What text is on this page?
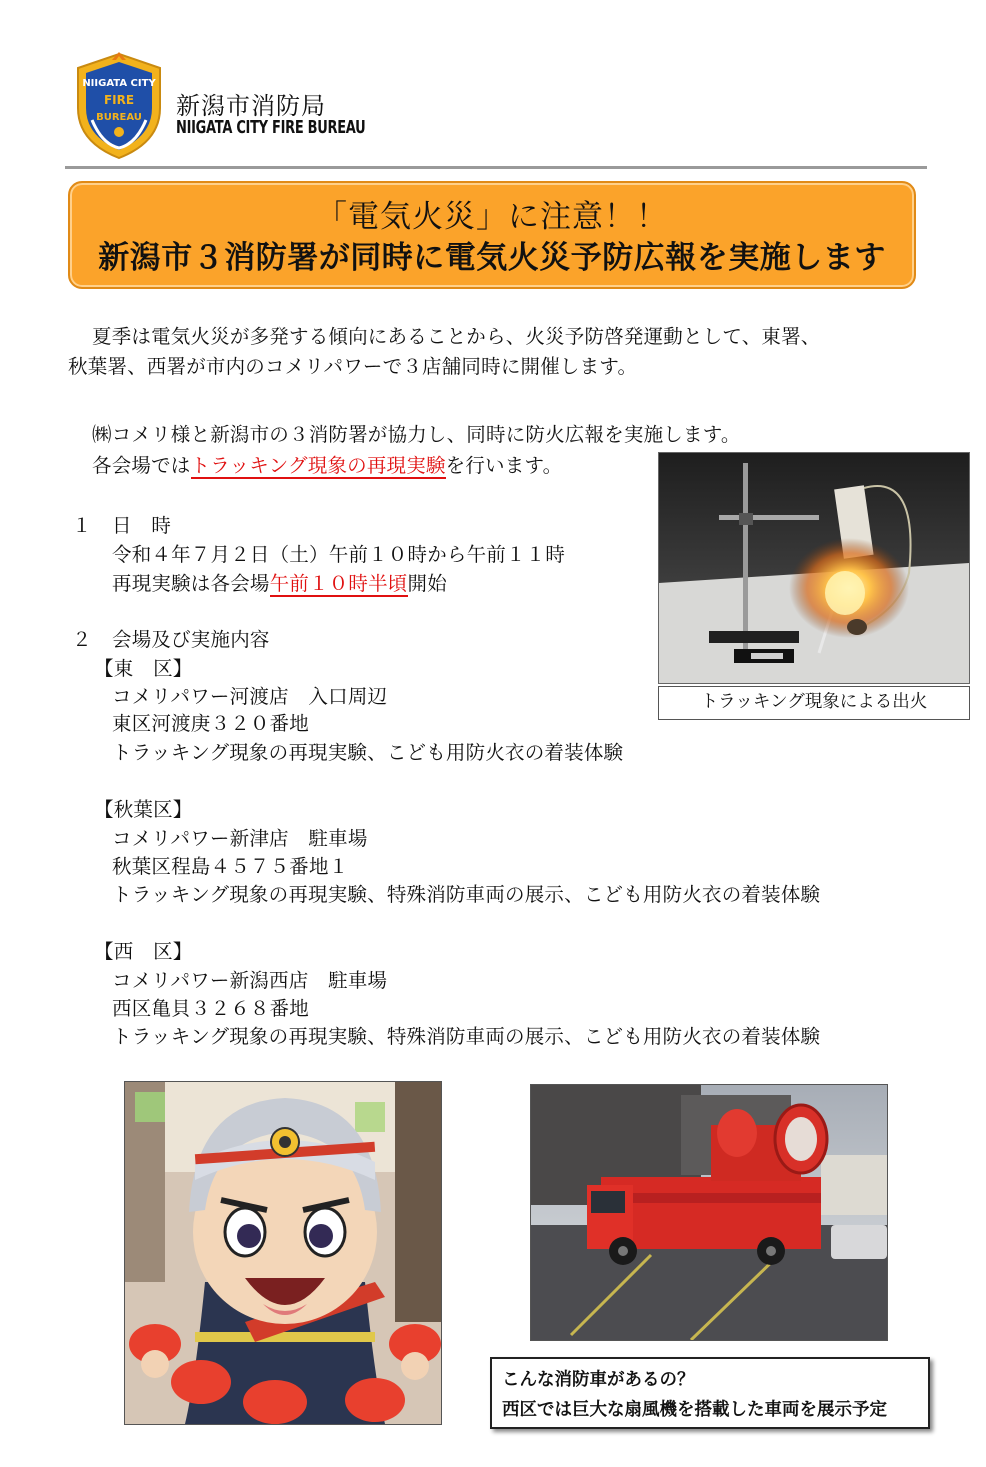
NIIGATA CITY
FIRE
BUREAU 新潟市消防局
NIIGATA CITY FIRE BUREAU
「電気火災」に注意！！
新潟市３消防署が同時に電気火災予防広報を実施します
夏季は電気火災が多発する傾向にあることから、火災予防啓発運動として、東署、
秋葉署、西署が市内のコメリパワーで３店舗同時に開催します。
㈱コメリ様と新潟市の３消防署が協力し、同時に防火広報を実施します。
各会場ではトラッキング現象の再現実験を行います。
１ 日　時
令和４年７月２日（土）午前１０時から午前１１時
再現実験は各会場午前１０時半頃開始
２ 会場及び実施内容
【東　区】
コメリパワー河渡店　入口周辺
東区河渡庚３２０番地
トラッキング現象の再現実験、こども用防火衣の着装体験
【秋葉区】
コメリパワー新津店　駐車場
秋葉区程島４５７５番地１
トラッキング現象の再現実験、特殊消防車両の展示、こども用防火衣の着装体験
【西　区】
コメリパワー新潟西店　駐車場
西区亀貝３２６８番地
トラッキング現象の再現実験、特殊消防車両の展示、こども用防火衣の着装体験
トラッキング現象による出火
こんな消防車があるの？
西区では巨大な扇風機を搭載した車両を展示予定
